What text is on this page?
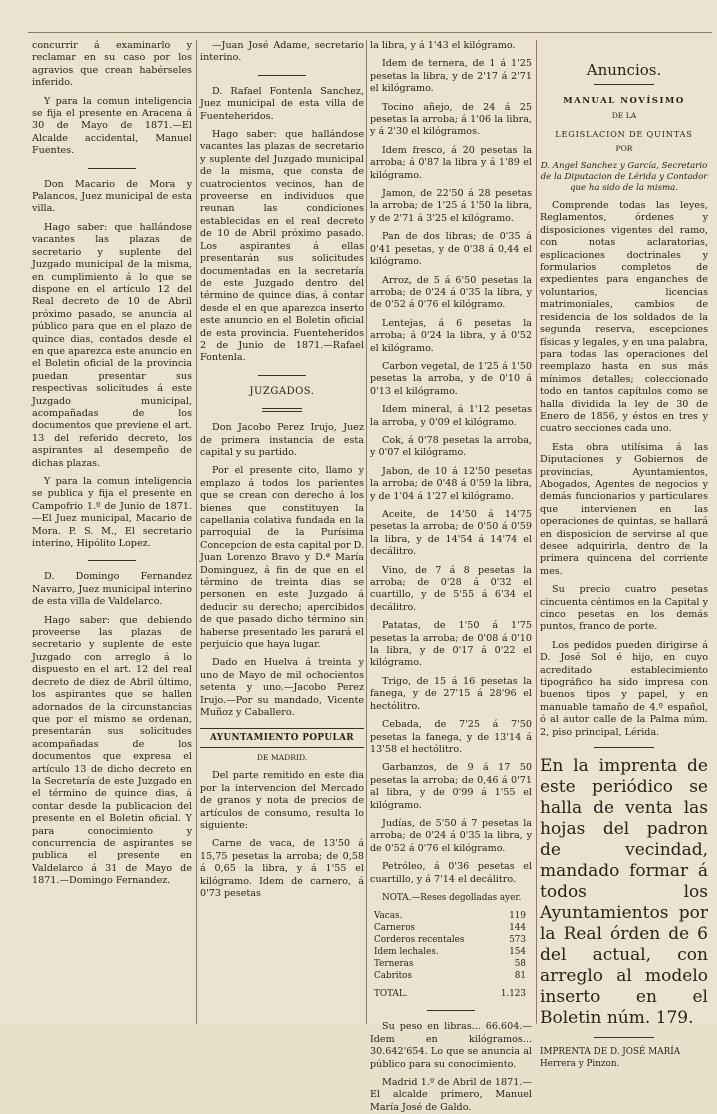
concurrir á examinarlo y reclamar en su caso por los agravios que crean habérseles inferido.

Y para la comun inteligencia se fija el presente en Aracena á 30 de Mayo de 1871.—El Alcalde accidental, Manuel Fuentes.

Don Macario de Mora y Palancos, Juez municipal de esta villa.

Hago saber: que hallándose vacantes las plazas de secretario y suplente del Juzgado municipal de la misma, en cumplimiento á lo que se dispone en el artículo 12 del Real decreto de 10 de Abril próximo pasado, se anuncia al público para que en el plazo de quince dias, contados desde el en que aparezca este anuncio en el Boletin oficial de la provincia puedan presentar sus respectivas solicitudes á este Juzgado municipal, acompañadas de los documentos que previene el art. 13 del referido decreto, los aspirantes al desempeño de dichas plazas.

Y para la comun inteligencia se publica y fija el presente en Campofrio 1.º de Junio de 1871.—El Juez municipal, Macario de Mora. P. S. M., El secretario interino, Hipólito Lopez.

D. Domingo Fernandez Navarro, Juez municipal interino de esta villa de Valdelarco.

Hago saber: que debiendo proveerse las plazas de secretario y suplente de este Juzgado con arreglo á lo dispuesto en el art. 12 del real decreto de diez de Abril último, los aspirantes que se hallen adornados de la circunstancias que por el mismo se ordenan, presentarán sus solicitudes acompañadas de los documentos que expresa el artículo 13 de dicho decreto en la Secretaría de este Juzgado en el término de quince dias, á contar desde la publicacion del presente en el Boletin oficial. Y para conocimiento y concurrencia de aspirantes se publica el presente en Valdelarco á 31 de Mayo de 1871.—Domingo Fernandez.

—Juan José Adame, secretario interino.

D. Rafael Fontenla Sanchez, Juez municipal de esta villa de Fuenteheridos.

Hago saber: que hallándose vacantes las plazas de secretario y suplente del Juzgado municipal de la misma, que consta de cuatrocientos vecinos, han de proveerse en individuos que reunan las condiciones establecidas en el real decreto de 10 de Abril próximo pasado. Los aspirantes á ellas presentarán sus solicitudes documentadas en la secretaría de este Juzgado dentro del término de quince dias, á contar desde el en que aparezca inserto este anuncio en el Boletin oficial de esta provincia. Fuenteheridos 2 de Junio de 1871.—Rafael Fontenla.

JUZGADOS.

Don Jacobo Perez Irujo, Juez de primera instancia de esta capital y su partido.

Por el presente cito, llamo y emplazo á todos los parientes que se crean con derecho á los bienes que constituyen la capellania colativa fundada en la parroquial de la Purísima Concepcion de esta capital por D. Juan Lorenzo Bravo y D.ª María Dominguez, á fin de que en el término de treinta dias se personen en este Juzgado á deducir su derecho; apercibidos de que pasado dicho término sin haberse presentado les parará el perjuicio que haya lugar.

Dado en Huelva á treinta y uno de Mayo de mil ochocientos setenta y uno.—Jacobo Perez Irujo.—Por su mandado, Vicente Muñoz y Caballero.

AYUNTAMIENTO POPULAR
DE MADRID.

Del parte remitido en este dia por la intervencion del Mercado de granos y nota de precios de artículos de consumo, resulta lo siguiente:

Carne de vaca, de 13'50 á 15,75 pesetas la arroba; de 0,58 á 0,65 la libra, y á 1'55 el kilógramo. Idem de carnero, á 0'73 pesetas

la libra, y á 1'43 el kilógramo.

Idem de ternera, de 1 á 1'25 pesetas la libra, y de 2'17 á 2'71 el kilógramo.

Tocino añejo, de 24 á 25 pesetas la arroba; á 1'06 la libra, y á 2'30 el kilógramos.

Idem fresco, á 20 pesetas la arroba; á 0'87 la libra y á 1'89 el kilógramo.

Jamon, de 22'50 á 28 pesetas la arroba; de 1'25 á 1'50 la libra, y de 2'71 á 3'25 el kilógramo.

Pan de dos libras; de 0'35 á 0'41 pesetas, y de 0'38 á 0,44 el kilógramo.

Arroz, de 5 á 6'50 pesetas la arroba; de 0'24 á 0'35 la libra, y de 0'52 á 0'76 el kilógramo.

Lentejas, á 6 pesetas la arroba; á 0'24 la libra, y á 0'52 el kilógramo.

Carbon vegetal, de 1'25 á 1'50 pesetas la arroba, y de 0'10 á 0'13 el kilógramo.

Idem mineral, á 1'12 pesetas la arroba, y 0'09 el kilógramo.

Cok, á 0'78 pesetas la arroba, y 0'07 el kilógramo.

Jabon, de 10 á 12'50 pesetas la arroba; de 0'48 á 0'59 la libra, y de 1'04 á 1'27 el kilógramo.

Aceite, de 14'50 á 14'75 pesetas la arroba; de 0'50 á 0'59 la libra, y de 14'54 á 14'74 el decálitro.

Vino, de 7 á 8 pesetas la arroba; de 0'28 á 0'32 el cuartillo, y de 5'55 á 6'34 el decálitro.

Patatas, de 1'50 á 1'75 pesetas la arroba; de 0'08 á 0'10 la libra, y de 0'17 á 0'22 el kilógramo.

Trigo, de 15 á 16 pesetas la fanega, y de 27'15 á 28'96 el hectólitro.

Cebada, de 7'25 á 7'50 pesetas la fanega, y de 13'14 á 13'58 el hectólitro.

Garbanzos, de 9 á 17 50 pesetas la arroba; de 0,46 á 0'71 al libra, y de 0'99 á 1'55 el kilógramo.

Judías, de 5'50 á 7 pesetas la arroba; de 0'24 á 0'35 la libra, y de 0'52 á 0'76 el kilógramo.

Petróleo, á 0'36 pesetas el cuartillo, y á 7'14 el decálitro.

NOTA.—Reses degolladas ayer.

Vacas.	119
Carneros	144
Corderos recentales	573
Idem lechales.	154
Terneras	58
Cabritos	81
TOTAL.	1.123

Su peso en libras... 66.604.—Idem en kilógramos... 30.642'654. Lo que se anuncia al público para su conocimiento.

Madrid 1.º de Abril de 1871.—El alcalde primero, Manuel María José de Galdo.

Anuncios.
MANUAL NOVÍSIMO
DE LA
LEGISLACION DE QUINTAS
POR
D. Angel Sanchez y García, Secretario de la Diputacion de Lérida y Contador que ha sido de la misma.

Comprende todas las leyes, Reglamentos, órdenes y disposiciones vigentes del ramo, con notas aclaratorias, esplicaciones doctrinales y formularios completos de expedientes para enganches de voluntarios, licencias matrimoniales, cambios de residencia de los soldados de la segunda reserva, escepciones físicas y legales, y en una palabra, para todas las operaciones del reemplazo hasta en sus más mínimos detalles; coleccionado todo en tantos capítulos como se halla dividida la ley de 30 de Enero de 1856, y éstos en tres y cuatro secciones cada uno.

Esta obra utilísima á las Diputaciones y Gobiernos de provincias, Ayuntamientos, Abogados, Agentes de negocios y demás funcionarios y particulares que intervienen en las operaciones de quintas, se hallará en disposicion de servirse al que desee adquirirla, dentro de la primera quincena del corriente mes.

Su precio cuatro pesetas cincuenta céntimos en la Capital y cinco pesetas en los demás puntos, franco de porte.

Los pedidos pueden dirigirse á D. José Sol é hijo, en cuyo acreditado establecimiento tipográfico ha sido impresa con buenos tipos y papel, y en manuable tamaño de 4.º español, ó al autor calle de la Palma núm. 2, piso principal, Lérida.

En la imprenta de este periódico se halla de venta las hojas del padron de vecindad, mandado formar á todos los Ayuntamientos por la Real órden de 6 del actual, con arreglo al modelo inserto en el Boletin núm. 179.

IMPRENTA DE D. JOSÉ MARÍA Herrera y Pinzon.
